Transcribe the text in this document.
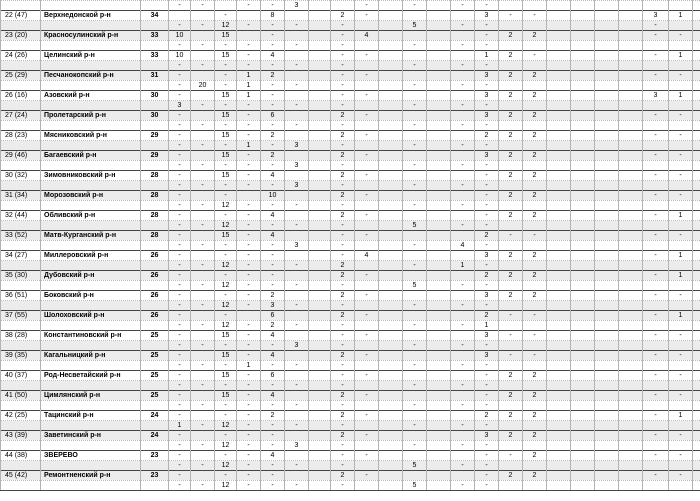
			-	-		-	-	3			-		-		-	-									
22 (47)	Верхнедонской р-н	34			-		8			2	-					3	-	-					3	1	
			-	-	12	-	-	-		-			5		-	-							-		
23 (20)	Красносулинский р-н	33	10		15		-			-	4					-	2	2					-	-	
			-	-	-	-	-	-		-			-		-	-									
24 (26)	Целинский р-н	33	10		15	-	4			-	-					1	2	-					-	1	
			-	-	-	-	-	-		-			-		-	-									
25 (29)	Песчанокопский р-н	31	-		-	1	2			-	-					3	2	2					-	-	
			-	20	-	1	-	-		-			-		-	-									
26 (16)	Азовский р-н	30	-		15	1	-			-	-					3	2	2					3	1	
			3	-	-	-	-	-		-			-		-	-									
27 (24)	Пролетарский р-н	30	-		15	-	6			2	-					3	2	2					-	-	
			-	-	-	-	-	-		-			-		-	-									
28 (23)	Мясниковский р-н	29	-		15	-	2			2	-					2	2	2					-	-	
			-	-	-	1	-	3		-			-		-	-									
29 (46)	Багаевский р-н	29	-		15	-	2			2	-					3	2	2					-	-	
			-	-	-	-	-	3		-			-		-	-									
30 (32)	Зимовниковский р-н	28	-		15	-	4			2	-					-	2	2					-	-	
			-	-	-	-	-	3		-			-		-	-									
31 (34)	Морозовский р-н	28	-		-		10			2	-					-	2	2					-	-	
			-	-	12	-	-	-		-			-		-	-									
32 (44)	Обливский р-н	28	-		-	-	4			2	-					-	2	2					-	1	
			-	-	12	-	-	-		-			5		-	-									
33 (52)	Матв-Курганский р-н	28	-		15	-	4			-	-					2	-	-					-	-	
			-	-	-	-	-	3		-			-		4	-									
34 (27)	Миллеровский р-н	26	-		-	-	-			-	4					3	2	2					-	1	
			-	-	12	-	-	-		2			-		1	-									
35 (30)	Дубовский р-н	26	-		-	-	-			2	-					2	2	2					-	1	
			-	-	12	-	-	-		-			5		-	-									
36 (51)	Боковский р-н	26	-		-	-	2			2	-					3	2	2					-	-	
			-	-	12	-	3	-		-			-		-	-									
37 (55)	Шолоховский р-н	26	-		-		6			2	-					2	-	-					-	1	
			-	-	12	-	2	-		-			-		-	1									
38 (28)	Константиновский р-н	25	-		15	-	4			-	-					3	-	-					-	-	
			-	-	-	-	-	3		-			-		-	-									
39 (35)	Кагальницкий р-н	25	-		15	-	4			2	-					3	-	-					-	-	
			-	-	-	1	-	-		-			-		-	-									
40 (37)	Род-Несветайский р-н	25	-		15	-	6			-	-					-	2	2					-	-	
			-	-	-	-	-	-		-			-		-	-									
41 (50)	Цимлянский р-н	25	-		15	-	4			2	-					-	2	2					-	-	
			-	-	-	-	-	-		-			-		-	-									
42 (25)	Тацинский р-н	24	-		-	-	2			2	-					2	2	2					-	1	
			1	-	12	-	-	-		-			-		-	-									
43 (39)	Заветинский р-н	24	-		-	-	-			2	-					3	2	2					-	-	
			-	-	12	-	-	3		-			-		-	-									
44 (38)	ЗВЕРЕВО	23	-		-	-	4			-	-					-	-	2					-	-	
			-	-	12	-	-	-		-			5		-	-									
45 (42)	Ремонтненский р-н	23	-		-	-	-			2	-					-	2	2					-	-	
			-	-	12	-	-	-		-			5		-	-									
